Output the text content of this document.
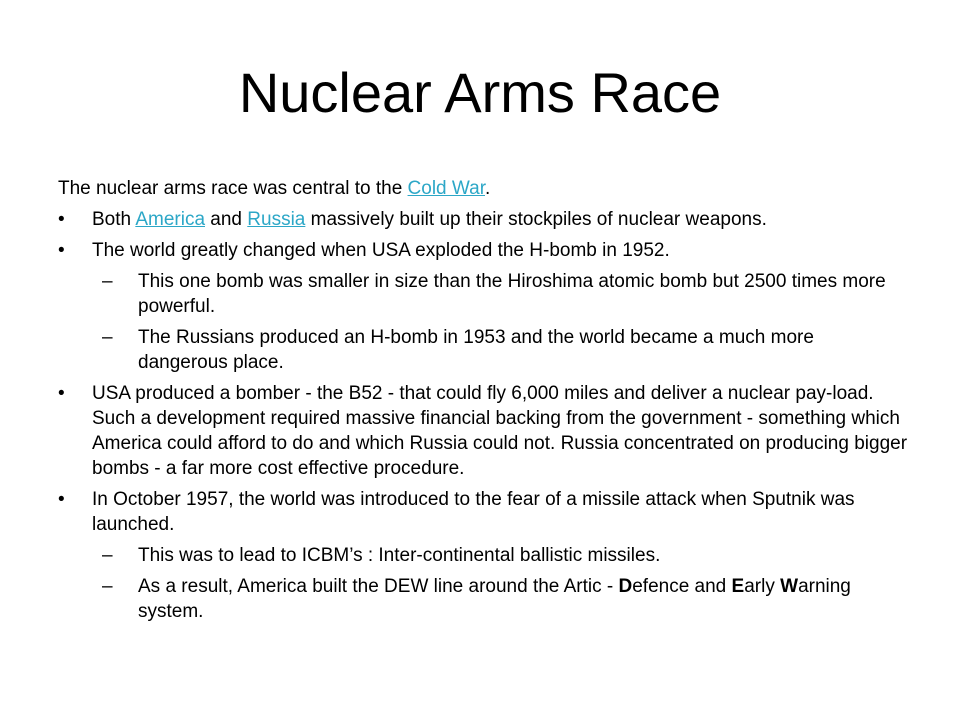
Nuclear Arms Race

The nuclear arms race was central to the Cold War.

•	Both America and Russia massively built up their stockpiles of nuclear weapons.
•	The world greatly changed when USA exploded the H-bomb in 1952.
– This one bomb was smaller in size than the Hiroshima atomic bomb but 2500 times more powerful.
– The Russians produced an H-bomb in 1953 and the world became a much more dangerous place.
•	USA produced a bomber - the B52 - that could fly 6,000 miles and deliver a nuclear pay-load. Such a development required massive financial backing from the government - something which America could afford to do and which Russia could not. Russia concentrated on producing bigger bombs - a far more cost effective procedure.
•	In October 1957, the world was introduced to the fear of a missile attack when Sputnik was launched.
– This was to lead to ICBM’s : Inter-continental ballistic missiles.
– As a result, America built the DEW line around the Artic - Defence and Early Warning system.
